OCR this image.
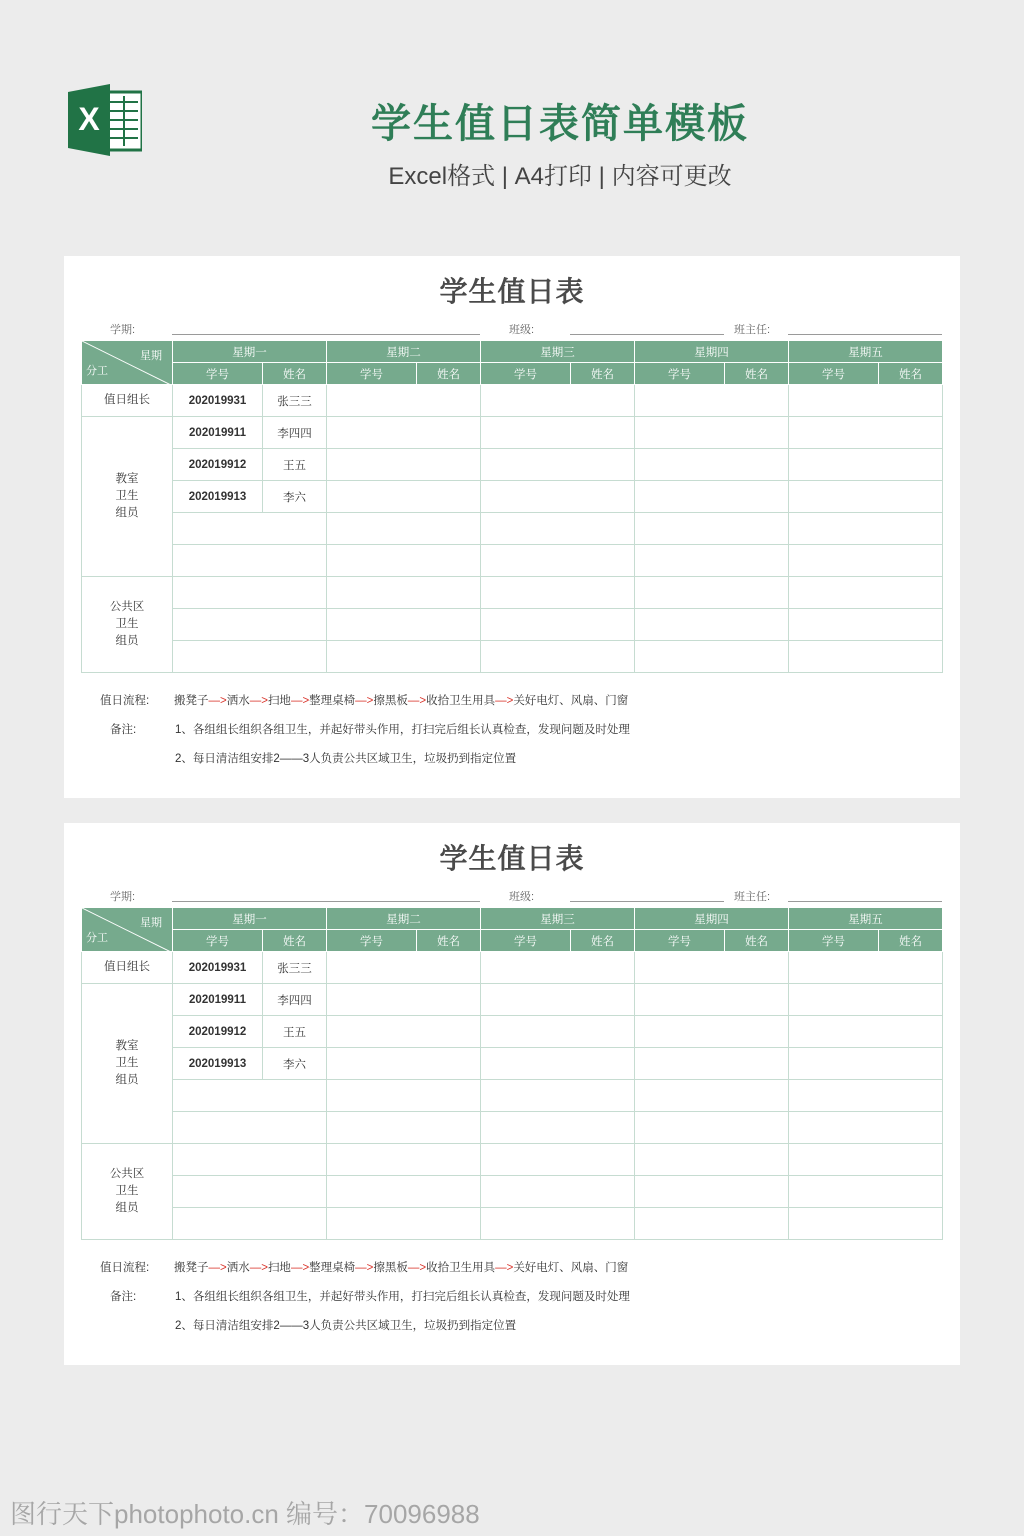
X	学生值日表简单模板
Excel格式 | A4打印 | 内容可更改
学生值日表
学期:	班级:	班主任:
星期
分工	星期一		星期二		星期三		星期四		星期五	
	学号	姓名	学号	姓名	学号	姓名	学号	姓名	学号	姓名
值日组长	202019931	张三三								
教室
卫生
组员	202019911	李四四								
	202019912	王五								
	202019913	李六								

公共区
卫生
组员										

值日流程: 搬凳子—>洒水—>扫地—>整理桌椅—>擦黑板—>收拾卫生用具—>关好电灯、风扇、门窗
备注:	1、各组组长组织各组卫生，并起好带头作用，打扫完后组长认真检查，发现问题及时处理
2、每日清洁组安排2——3人负责公共区域卫生，垃圾扔到指定位置
学生值日表
学期:	班级:	班主任:
星期
分工	星期一		星期二		星期三		星期四		星期五	
	学号	姓名	学号	姓名	学号	姓名	学号	姓名	学号	姓名
值日组长	202019931	张三三								
教室
卫生
组员	202019911	李四四								
	202019912	王五								
	202019913	李六								

公共区
卫生
组员										

值日流程: 搬凳子—>洒水—>扫地—>整理桌椅—>擦黑板—>收拾卫生用具—>关好电灯、风扇、门窗
备注:	1、各组组长组织各组卫生，并起好带头作用，打扫完后组长认真检查，发现问题及时处理
2、每日清洁组安排2——3人负责公共区域卫生，垃圾扔到指定位置
图行天下photophoto.cn 编号：70096988
